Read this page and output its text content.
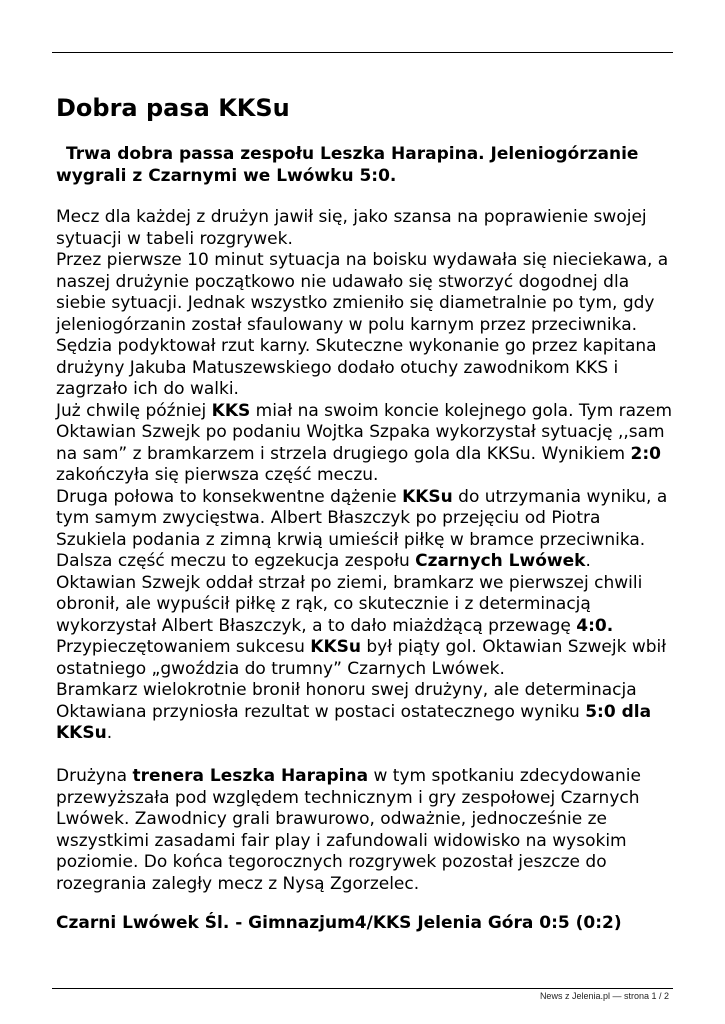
Dobra pasa KKSu
Trwa dobra passa zespołu Leszka Harapina. Jeleniogórzanie wygrali z Czarnymi we Lwówku 5:0.

Mecz dla każdej z drużyn jawił się, jako szansa na poprawienie swojej sytuacji w tabeli rozgrywek.

Przez pierwsze 10 minut sytuacja na boisku wydawała się nieciekawa, a naszej drużynie początkowo nie udawało się stworzyć dogodnej dla siebie sytuacji. Jednak wszystko zmieniło się diametralnie po tym, gdy jeleniogórzanin został sfaulowany w polu karnym przez przeciwnika. Sędzia podyktował rzut karny. Skuteczne wykonanie go przez kapitana drużyny Jakuba Matuszewskiego dodało otuchy zawodnikom KKS i zagrzało ich do walki.

Już chwilę później KKS miał na swoim koncie kolejnego gola. Tym razem Oktawian Szwejk po podaniu Wojtka Szpaka wykorzystał sytuację ,,sam na sam” z bramkarzem i strzela drugiego gola dla KKSu. Wynikiem 2:0 zakończyła się pierwsza część meczu.

Druga połowa to konsekwentne dążenie KKSu do utrzymania wyniku, a tym samym zwycięstwa. Albert Błaszczyk po przejęciu od Piotra Szukiela podania z zimną krwią umieścił piłkę w bramce przeciwnika. Dalsza część meczu to egzekucja zespołu Czarnych Lwówek. Oktawian Szwejk oddał strzał po ziemi, bramkarz we pierwszej chwili obronił, ale wypuścił piłkę z rąk, co skutecznie i z determinacją wykorzystał Albert Błaszczyk, a to dało miażdżącą przewagę 4:0.
Przypieczętowaniem sukcesu KKSu był piąty gol. Oktawian Szwejk wbił ostatniego „gwoździa do trumny” Czarnych Lwówek.
Bramkarz wielokrotnie bronił honoru swej drużyny, ale determinacja Oktawiana przyniosła rezultat w postaci ostatecznego wyniku 5:0 dla KKSu.

Drużyna trenera Leszka Harapina w tym spotkaniu zdecydowanie przewyższała pod względem technicznym i gry zespołowej Czarnych Lwówek. Zawodnicy grali brawurowo, odważnie, jednocześnie ze wszystkimi zasadami fair play i zafundowali widowisko na wysokim poziomie. Do końca tegorocznych rozgrywek pozostał jeszcze do rozegrania zaległy mecz z Nysą Zgorzelec.

Czarni Lwówek Śl. - Gimnazjum4/KKS Jelenia Góra 0:5 (0:2)
News z Jelenia.pl — strona 1 / 2
